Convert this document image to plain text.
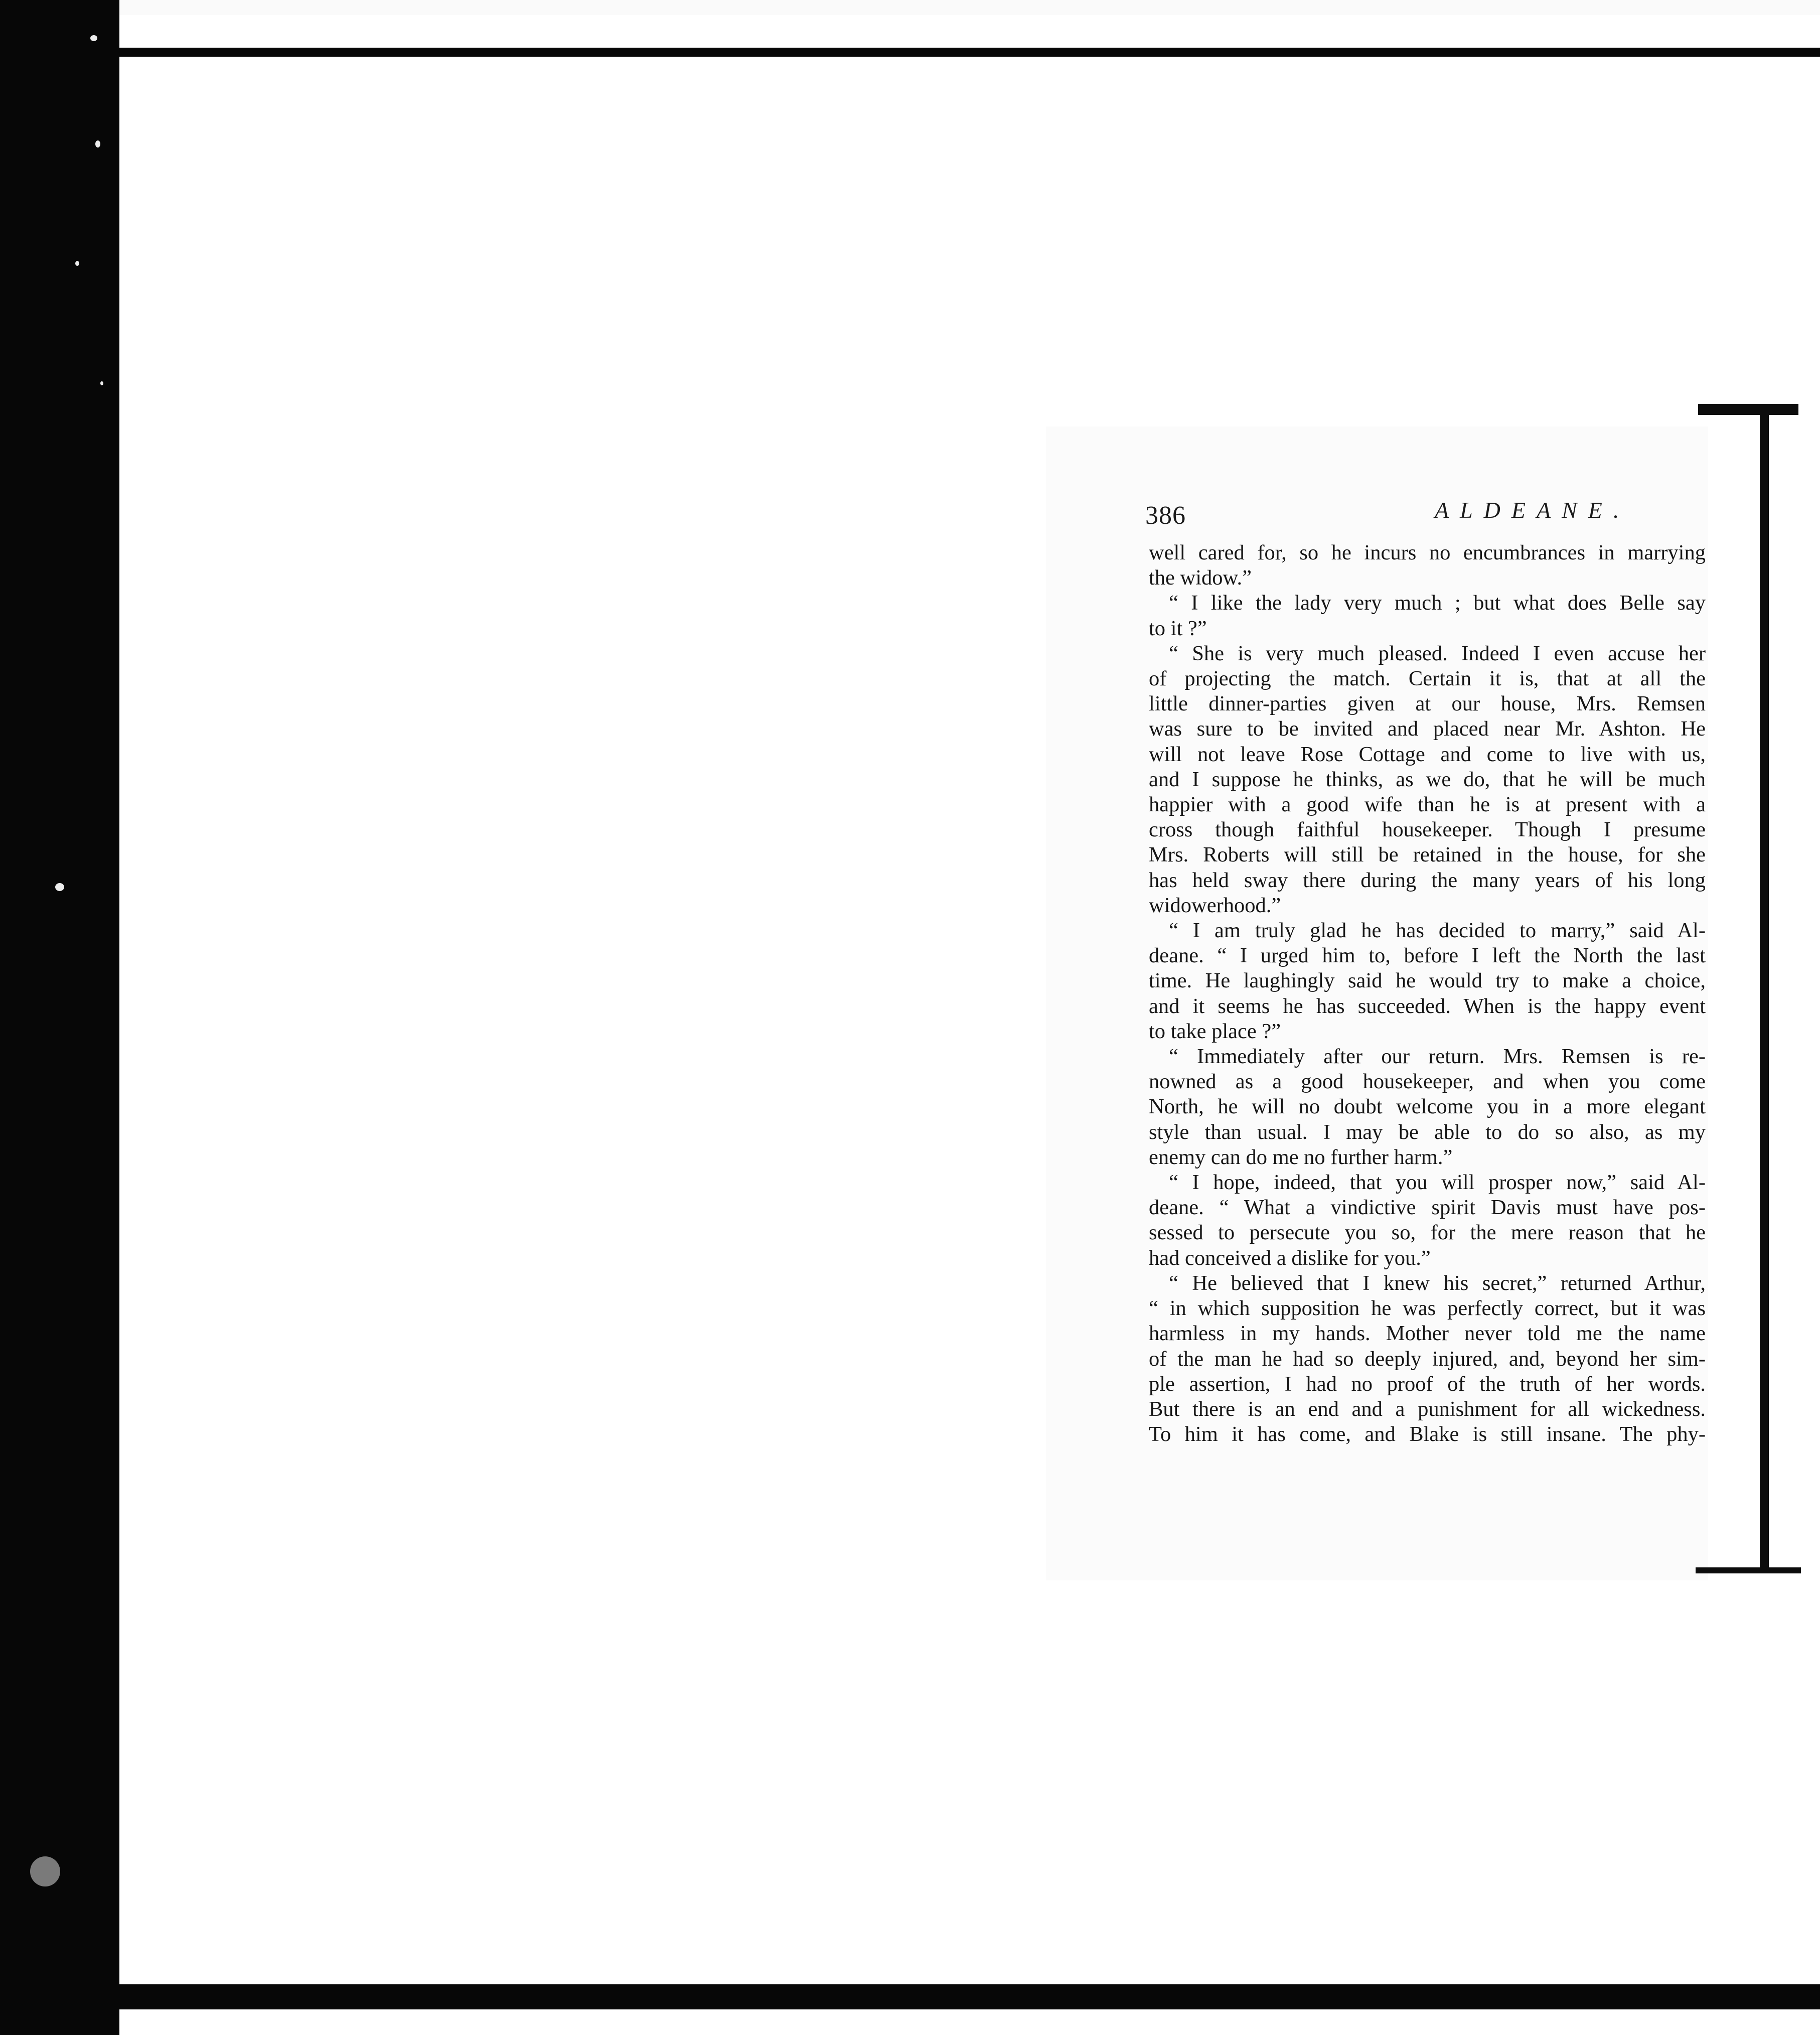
386	ALDEANE.
well cared for, so he incurs no encumbrances in marrying
the widow.”
“ I like the lady very much ; but what does Belle say
to it ?”
“ She is very much pleased. Indeed I even accuse her
of projecting the match. Certain it is, that at all the
little dinner-parties given at our house, Mrs. Remsen
was sure to be invited and placed near Mr. Ashton. He
will not leave Rose Cottage and come to live with us,
and I suppose he thinks, as we do, that he will be much
happier with a good wife than he is at present with a
cross though faithful housekeeper. Though I presume
Mrs. Roberts will still be retained in the house, for she
has held sway there during the many years of his long
widowerhood.”
“ I am truly glad he has decided to marry,” said Al-
deane. “ I urged him to, before I left the North the last
time. He laughingly said he would try to make a choice,
and it seems he has succeeded. When is the happy event
to take place ?”
“ Immediately after our return. Mrs. Remsen is re-
nowned as a good housekeeper, and when you come
North, he will no doubt welcome you in a more elegant
style than usual. I may be able to do so also, as my
enemy can do me no further harm.”
“ I hope, indeed, that you will prosper now,” said Al-
deane. “ What a vindictive spirit Davis must have pos-
sessed to persecute you so, for the mere reason that he
had conceived a dislike for you.”
“ He believed that I knew his secret,” returned Arthur,
“ in which supposition he was perfectly correct, but it was
harmless in my hands. Mother never told me the name
of the man he had so deeply injured, and, beyond her sim-
ple assertion, I had no proof of the truth of her words.
But there is an end and a punishment for all wickedness.
To him it has come, and Blake is still insane. The phy-
